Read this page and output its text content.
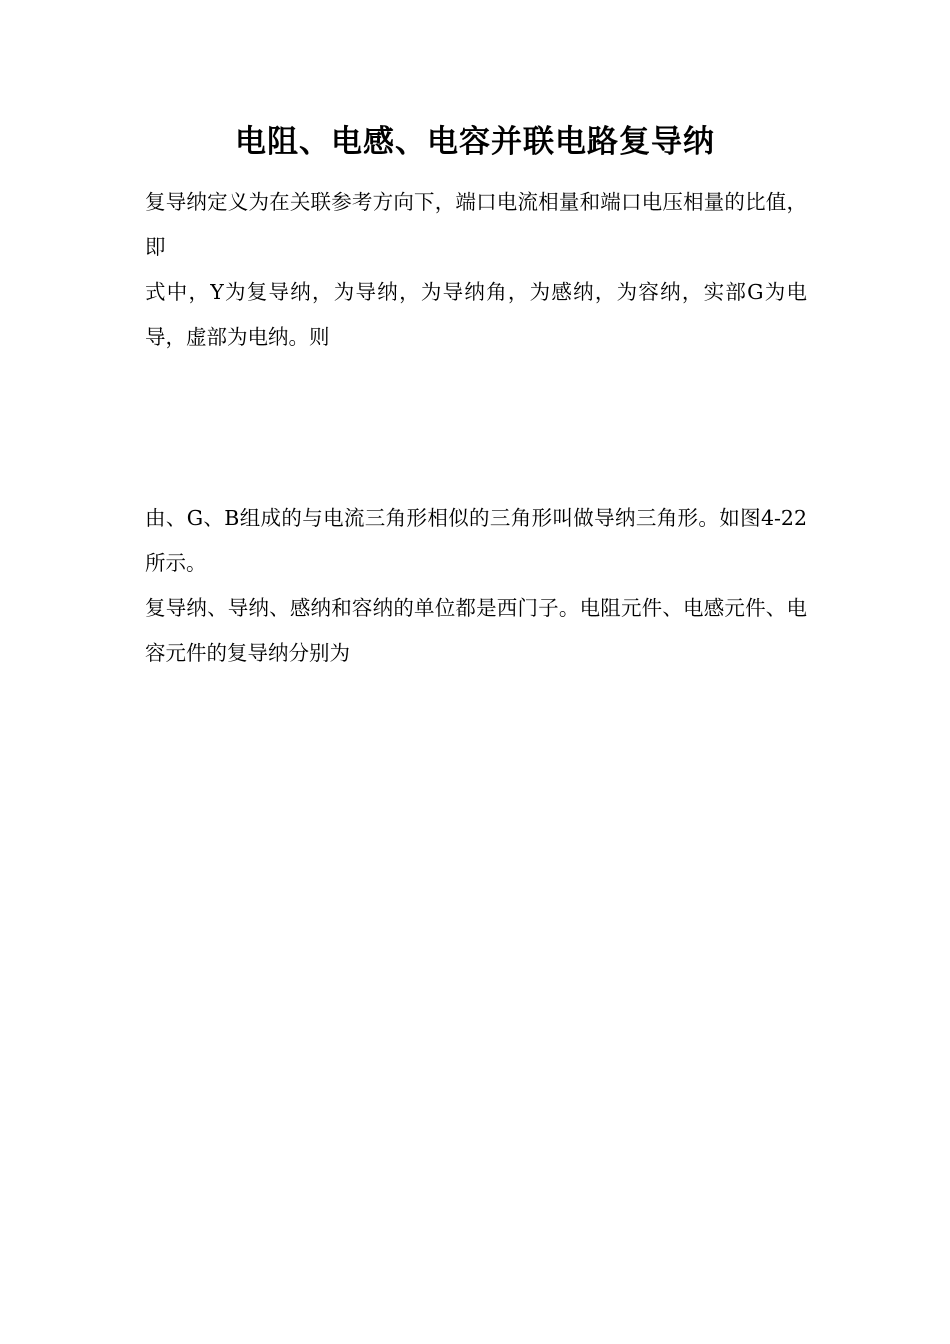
电阻、电感、电容并联电路复导纳

复导纳定义为在关联参考方向下，端口电流相量和端口电压相量的比值，即

式中，Y为复导纳，为导纳，为导纳角，为感纳，为容纳，实部G为电导，虚部为电纳。则

由、G、B组成的与电流三角形相似的三角形叫做导纳三角形。如图4-22所示。

复导纳、导纳、感纳和容纳的单位都是西门子。电阻元件、电感元件、电容元件的复导纳分别为
